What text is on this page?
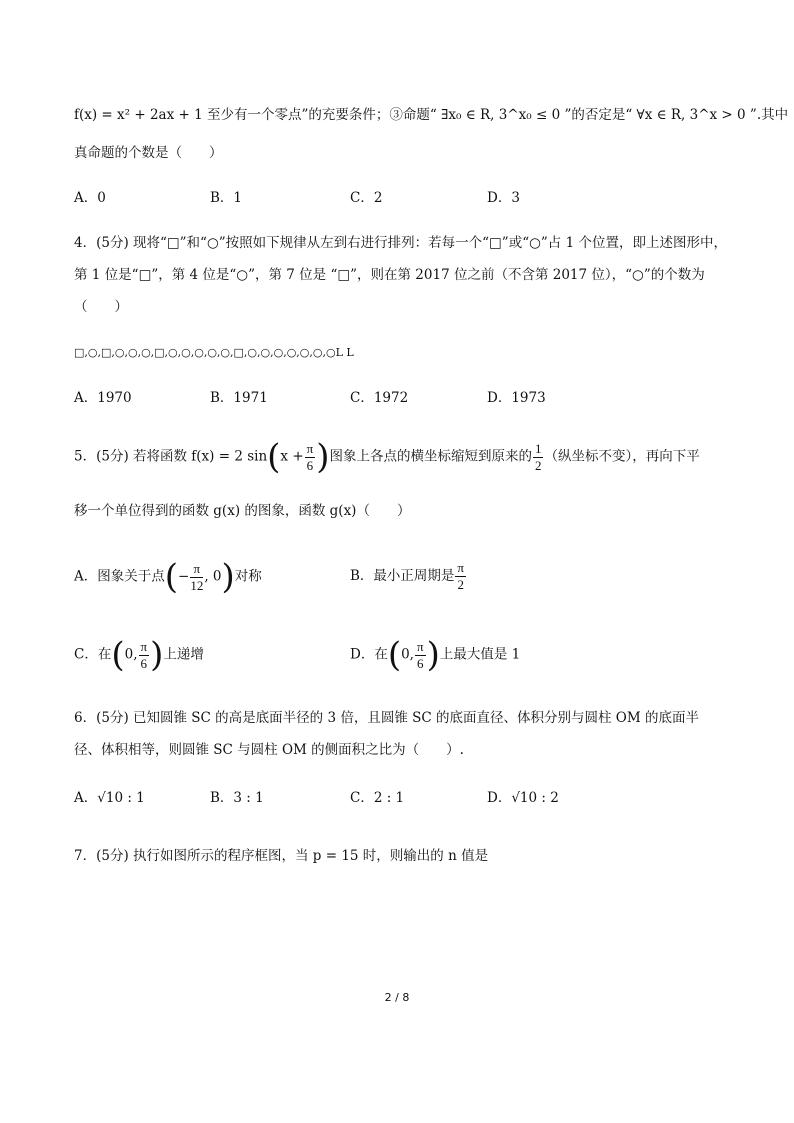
f(x) = x² + 2ax + 1 至少有一个零点”的充要条件；③命题“ ∃x₀ ∈ R, 3^x₀ ≤ 0 ”的否定是“ ∀x ∈ R, 3^x > 0 ”.其中
真命题的个数是（　　）
A．0	B．1	C．2	D．3
4．(5分) 现将“□”和“○”按照如下规律从左到右进行排列：若每一个“□”或“○”占 1 个位置，即上述图形中，
第 1 位是“□”，第 4 位是“○”，第 7 位是 “□”，则在第 2017 位之前（不含第 2017 位），“○”的个数为
（　　）
□,○,□,○,○,○,□,○,○,○,○,○,□,○,○,○,○,○,○,○L L
A．1970	B．1971	C．1972	D．1973
5．(5分) 若将函数 f(x) = 2 $\sin(x + \frac{\pi}{6}$ )图象上各点的横坐标缩短到原来的 $\frac{1}{2}$ （纵坐标不变），再向下平
移一个单位得到的函数 g(x) 的图象，函数 g(x)（　　）
A．图象关于点(− $\frac{\pi}{12}$ , 0)对称	B．最小正周期是 $\frac{\pi}{2}$
C．在(0, $\frac{\pi}{6}$ )上递增	D．在(0, $\frac{\pi}{6}$ )上最大值是 1
6．(5分) 已知圆锥 SC 的高是底面半径的 3 倍，且圆锥 SC 的底面直径、体积分别与圆柱 OM 的底面半
径、体积相等，则圆锥 SC 与圆柱 OM 的侧面积之比为（　　）.
A．√10 : 1	B．3 : 1	C．2 : 1	D．√10 : 2
7．(5分) 执行如图所示的程序框图，当 p = 15 时，则输出的 n 值是
2 / 8
